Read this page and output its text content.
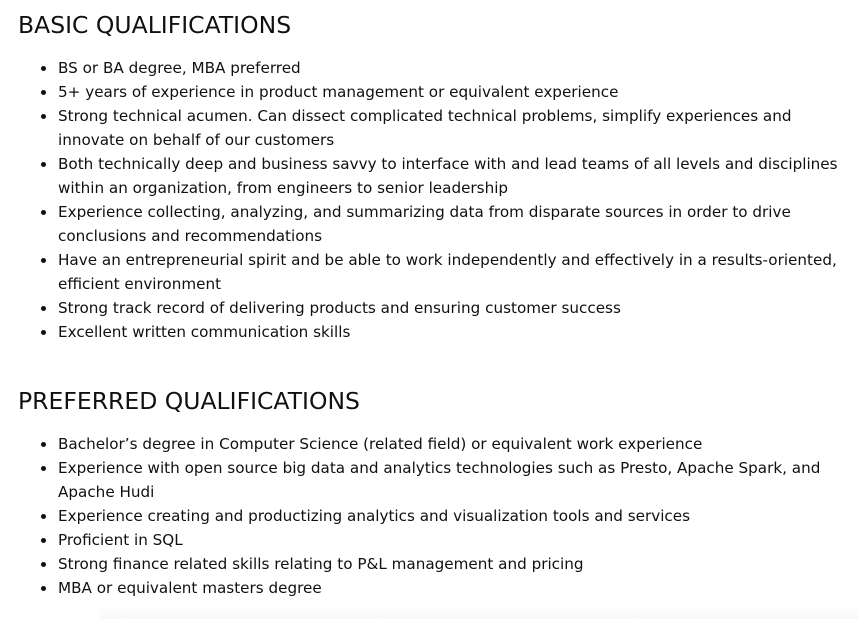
BASIC QUALIFICATIONS
BS or BA degree, MBA preferred
5+ years of experience in product management or equivalent experience
Strong technical acumen. Can dissect complicated technical problems, simplify experiences and innovate on behalf of our customers
Both technically deep and business savvy to interface with and lead teams of all levels and disciplines within an organization, from engineers to senior leadership
Experience collecting, analyzing, and summarizing data from disparate sources in order to drive conclusions and recommendations
Have an entrepreneurial spirit and be able to work independently and effectively in a results-oriented, efficient environment
Strong track record of delivering products and ensuring customer success
Excellent written communication skills
PREFERRED QUALIFICATIONS
Bachelor’s degree in Computer Science (related field) or equivalent work experience
Experience with open source big data and analytics technologies such as Presto, Apache Spark, and Apache Hudi
Experience creating and productizing analytics and visualization tools and services
Proficient in SQL
Strong finance related skills relating to P&L management and pricing
MBA or equivalent masters degree
